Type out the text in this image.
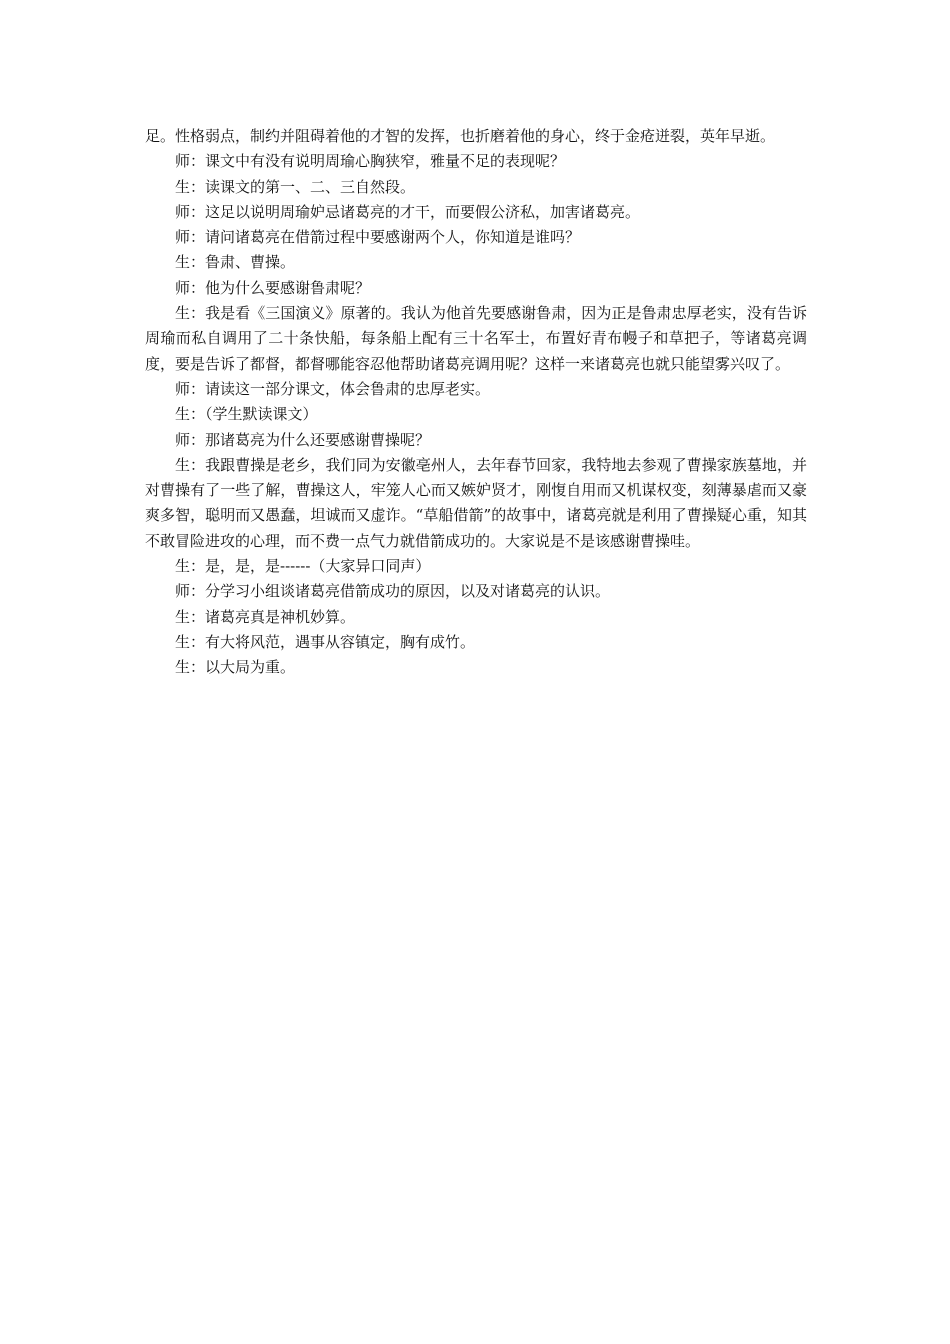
足。性格弱点，制约并阻碍着他的才智的发挥，也折磨着他的身心，终于金疮迸裂，英年早逝。

师：课文中有没有说明周瑜心胸狭窄，雅量不足的表现呢？

生：读课文的第一、二、三自然段。

师：这足以说明周瑜妒忌诸葛亮的才干，而要假公济私，加害诸葛亮。

师：请问诸葛亮在借箭过程中要感谢两个人，你知道是谁吗？

生：鲁肃、曹操。

师：他为什么要感谢鲁肃呢？

生：我是看《三国演义》原著的。我认为他首先要感谢鲁肃，因为正是鲁肃忠厚老实，没有告诉周瑜而私自调用了二十条快船，每条船上配有三十名军士，布置好青布幔子和草把子，等诸葛亮调度，要是告诉了都督，都督哪能容忍他帮助诸葛亮调用呢？这样一来诸葛亮也就只能望雾兴叹了。

师：请读这一部分课文，体会鲁肃的忠厚老实。

生：（学生默读课文）

师：那诸葛亮为什么还要感谢曹操呢？

生：我跟曹操是老乡，我们同为安徽亳州人，去年春节回家，我特地去参观了曹操家族墓地，并对曹操有了一些了解，曹操这人，牢笼人心而又嫉妒贤才，刚愎自用而又机谋权变，刻薄暴虐而又豪爽多智，聪明而又愚蠢，坦诚而又虚诈。“草船借箭”的故事中，诸葛亮就是利用了曹操疑心重，知其不敢冒险进攻的心理，而不费一点气力就借箭成功的。大家说是不是该感谢曹操哇。

生：是，是，是------（大家异口同声）

师：分学习小组谈诸葛亮借箭成功的原因，以及对诸葛亮的认识。

生：诸葛亮真是神机妙算。

生：有大将风范，遇事从容镇定，胸有成竹。

生：以大局为重。
